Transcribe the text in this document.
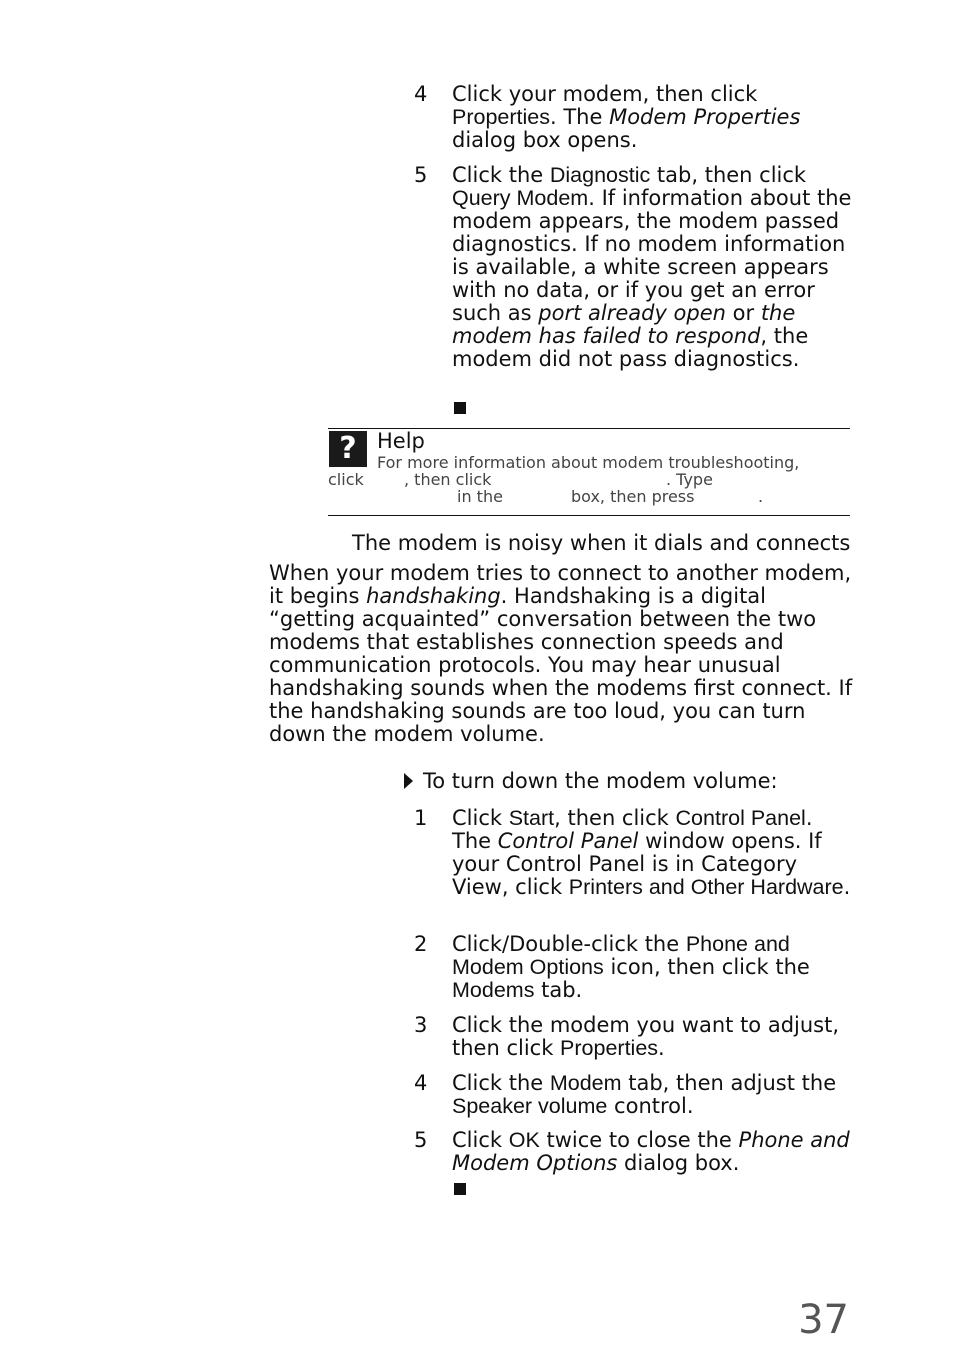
4	Click your modem, then click Properties. The Modem Properties dialog box opens.
5	Click the Diagnostic tab, then click Query Modem. If information about the modem appears, the modem passed diagnostics. If no modem information is available, a white screen appears with no data, or if you get an error such as port already open or the modem has failed to respond, the modem did not pass diagnostics.
? Help
For more information about modem troubleshooting,
click	, then click	. Type
in the	box, then press	.
The modem is noisy when it dials and connects
When your modem tries to connect to another modem, it begins handshaking. Handshaking is a digital “getting acquainted” conversation between the two modems that establishes connection speeds and communication protocols. You may hear unusual handshaking sounds when the modems first connect. If the handshaking sounds are too loud, you can turn down the modem volume.
To turn down the modem volume:
1	Click Start, then click Control Panel. The Control Panel window opens. If your Control Panel is in Category View, click Printers and Other Hardware.
2	Click/Double-click the Phone and Modem Options icon, then click the Modems tab.
3	Click the modem you want to adjust, then click Properties.
4	Click the Modem tab, then adjust the Speaker volume control.
5	Click OK twice to close the Phone and Modem Options dialog box.
37
